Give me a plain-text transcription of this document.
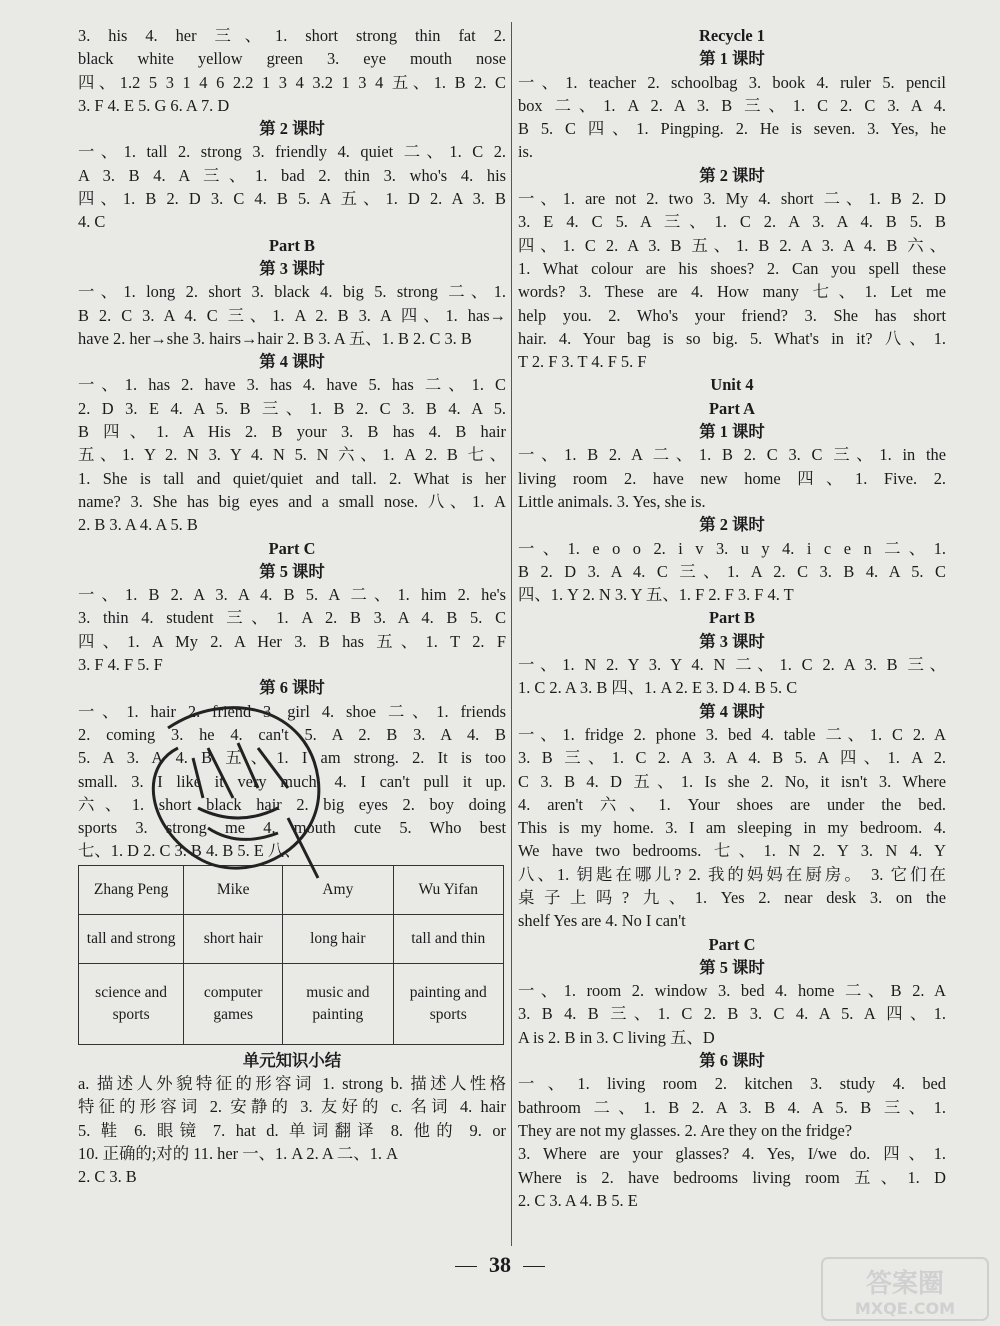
3. his 4. her 三、1. short strong thin fat 2.
black white yellow green 3. eye mouth nose
四、1.2 5 3 1 4 6 2.2 1 3 4 3.2 1 3 4 五、1. B 2. C
3. F 4. E 5. G 6. A 7. D
第 2 课时
一、1. tall 2. strong 3. friendly 4. quiet 二、1. C 2.
A 3. B 4. A 三、1. bad 2. thin 3. who's 4. his
四、1. B 2. D 3. C 4. B 5. A 五、1. D 2. A 3. B
4. C
Part B
第 3 课时
一、1. long 2. short 3. black 4. big 5. strong 二、1.
B 2. C 3. A 4. C 三、1. A 2. B 3. A 四、1. has→
have 2. her→she 3. hairs→hair 2. B 3. A 五、1. B 2. C 3. B
第 4 课时
一、1. has 2. have 3. has 4. have 5. has 二、1. C
2. D 3. E 4. A 5. B 三、1. B 2. C 3. B 4. A 5.
B 四、1. A His 2. B your 3. B has 4. B hair
五、1. Y 2. N 3. Y 4. N 5. N 六、1. A 2. B 七、
1. She is tall and quiet/quiet and tall. 2. What is her
name? 3. She has big eyes and a small nose. 八、1. A
2. B 3. A 4. A 5. B
Part C
第 5 课时
一、1. B 2. A 3. A 4. B 5. A 二、1. him 2. he's
3. thin 4. student 三、1. A 2. B 3. A 4. B 5. C
四、1. A My 2. A Her 3. B has 五、1. T 2. F
3. F 4. F 5. F
第 6 课时
一、1. hair 2. friend 3. girl 4. shoe 二、1. friends
2. coming 3. he 4. can't 5. A 2. B 3. A 4. B
5. A 3. A 4. B 五、1. I am strong. 2. It is too
small. 3. I like it very much. 4. I can't pull it up.
六、1. short black hair 2. big eyes 2. boy doing
sports 3. strong me 4. mouth cute 5. Who best
七、1. D 2. C 3. B 4. B 5. E 八、
Zhang Peng	Mike	Amy	Wu Yifan
tall and strong	short hair	long hair	tall and thin
science and sports	computer games	music and painting	painting and sports
单元知识小结
a. 描述人外貌特征的形容词 1. strong b. 描述人性格
特征的形容词 2. 安静的 3. 友好的 c. 名词 4. hair
5. 鞋 6. 眼镜 7. hat d. 单词翻译 8. 他的 9. or
10. 正确的;对的 11. her 一、1. A 2. A 二、1. A
2. C 3. B
Recycle 1
第 1 课时
一、1. teacher 2. schoolbag 3. book 4. ruler 5. pencil
box 二、1. A 2. A 3. B 三、1. C 2. C 3. A 4.
B 5. C 四、1. Pingping. 2. He is seven. 3. Yes, he
is.
第 2 课时
一、1. are not 2. two 3. My 4. short 二、1. B 2. D
3. E 4. C 5. A 三、1. C 2. A 3. A 4. B 5. B
四、1. C 2. A 3. B 五、1. B 2. A 3. A 4. B 六、
1. What colour are his shoes? 2. Can you spell these
words? 3. These are 4. How many 七、1. Let me
help you. 2. Who's your friend? 3. She has short
hair. 4. Your bag is so big. 5. What's in it? 八、1.
T 2. F 3. T 4. F 5. F
Unit 4
Part A
第 1 课时
一、1. B 2. A 二、1. B 2. C 3. C 三、1. in the
living room 2. have new home 四、1. Five. 2.
Little animals. 3. Yes, she is.
第 2 课时
一、1. e o o 2. i v 3. u y 4. i c e n 二、1.
B 2. D 3. A 4. C 三、1. A 2. C 3. B 4. A 5. C
四、1. Y 2. N 3. Y 五、1. F 2. F 3. F 4. T
Part B
第 3 课时
一、1. N 2. Y 3. Y 4. N 二、1. C 2. A 3. B 三、
1. C 2. A 3. B 四、1. A 2. E 3. D 4. B 5. C
第 4 课时
一、1. fridge 2. phone 3. bed 4. table 二、1. C 2. A
3. B 三、1. C 2. A 3. A 4. B 5. A 四、1. A 2.
C 3. B 4. D 五、1. Is she 2. No, it isn't 3. Where
4. aren't 六、1. Your shoes are under the bed.
This is my home. 3. I am sleeping in my bedroom. 4.
We have two bedrooms. 七、1. N 2. Y 3. N 4. Y
八、1. 钥匙在哪儿? 2. 我的妈妈在厨房。 3. 它们在
桌子上吗? 九、1. Yes 2. near desk 3. on the
shelf Yes are 4. No I can't
Part C
第 5 课时
一、1. room 2. window 3. bed 4. home 二、B 2. A
3. B 4. B 三、1. C 2. B 3. C 4. A 5. A 四、1.
A is 2. B in 3. C living 五、D
第 6 课时
一、1. living room 2. kitchen 3. study 4. bed
bathroom 二、1. B 2. A 3. B 4. A 5. B 三、1.
They are not my glasses. 2. Are they on the fridge?
3. Where are your glasses? 4. Yes, I/we do. 四、1.
Where is 2. have bedrooms living room 五、1. D
2. C 3. A 4. B 5. E
38
答案圈
MXQE.COM
